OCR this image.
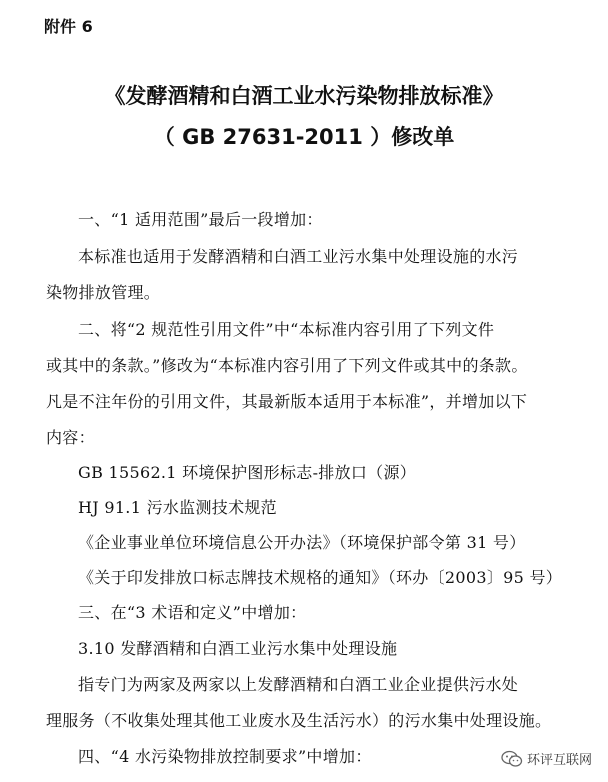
附件 6
《发酵酒精和白酒工业水污染物排放标准》
（ GB 27631-2011 ）修改单
一、“1 适用范围”最后一段增加：
本标准也适用于发酵酒精和白酒工业污水集中处理设施的水污
染物排放管理。
二、将“2 规范性引用文件”中“本标准内容引用了下列文件
或其中的条款。”修改为“本标准内容引用了下列文件或其中的条款。
凡是不注年份的引用文件，其最新版本适用于本标准”，并增加以下
内容：
GB 15562.1 环境保护图形标志-排放口（源）
HJ 91.1 污水监测技术规范
《企业事业单位环境信息公开办法》（环境保护部令第 31 号）
《关于印发排放口标志牌技术规格的通知》（环办〔2003〕95 号）
三、在“3 术语和定义”中增加：
3.10 发酵酒精和白酒工业污水集中处理设施
指专门为两家及两家以上发酵酒精和白酒工业企业提供污水处
理服务（不收集处理其他工业废水及生活污水）的污水集中处理设施。
四、“4 水污染物排放控制要求”中增加：	环评互联网
